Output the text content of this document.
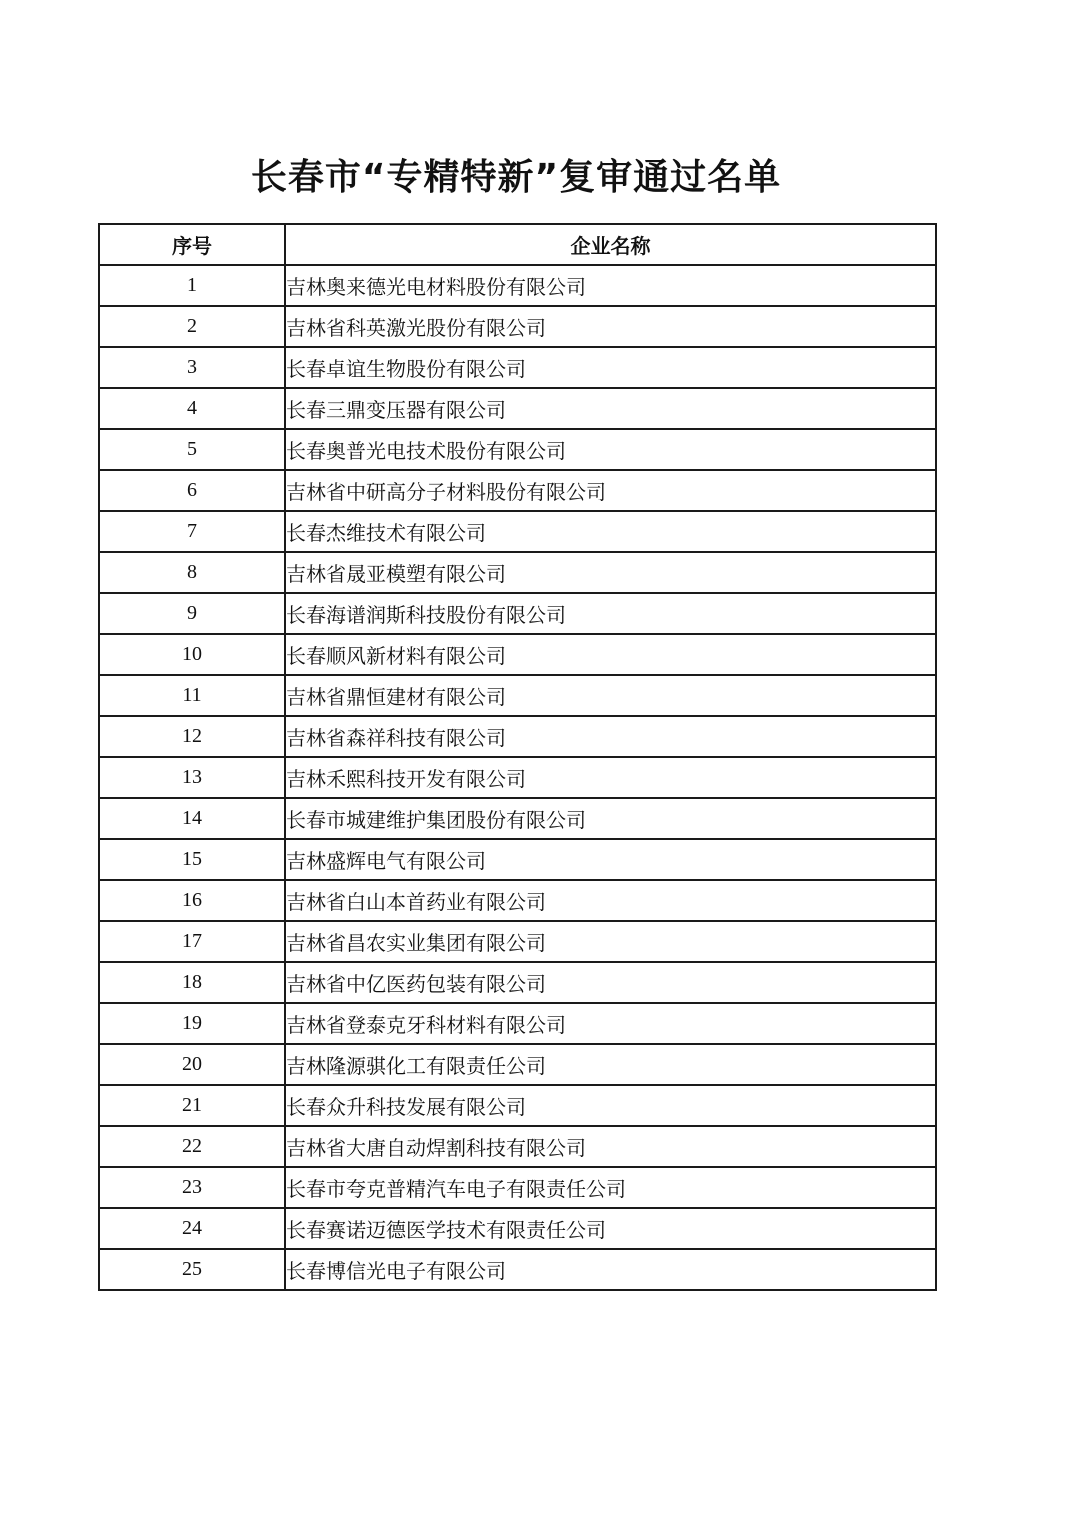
长春市“专精特新”复审通过名单
序号	企业名称
1	吉林奥来德光电材料股份有限公司
2	吉林省科英激光股份有限公司
3	长春卓谊生物股份有限公司
4	长春三鼎变压器有限公司
5	长春奥普光电技术股份有限公司
6	吉林省中研高分子材料股份有限公司
7	长春杰维技术有限公司
8	吉林省晟亚模塑有限公司
9	长春海谱润斯科技股份有限公司
10	长春顺风新材料有限公司
11	吉林省鼎恒建材有限公司
12	吉林省森祥科技有限公司
13	吉林禾熙科技开发有限公司
14	长春市城建维护集团股份有限公司
15	吉林盛辉电气有限公司
16	吉林省白山本首药业有限公司
17	吉林省昌农实业集团有限公司
18	吉林省中亿医药包装有限公司
19	吉林省登泰克牙科材料有限公司
20	吉林隆源骐化工有限责任公司
21	长春众升科技发展有限公司
22	吉林省大唐自动焊割科技有限公司
23	长春市夸克普精汽车电子有限责任公司
24	长春赛诺迈德医学技术有限责任公司
25	长春博信光电子有限公司
